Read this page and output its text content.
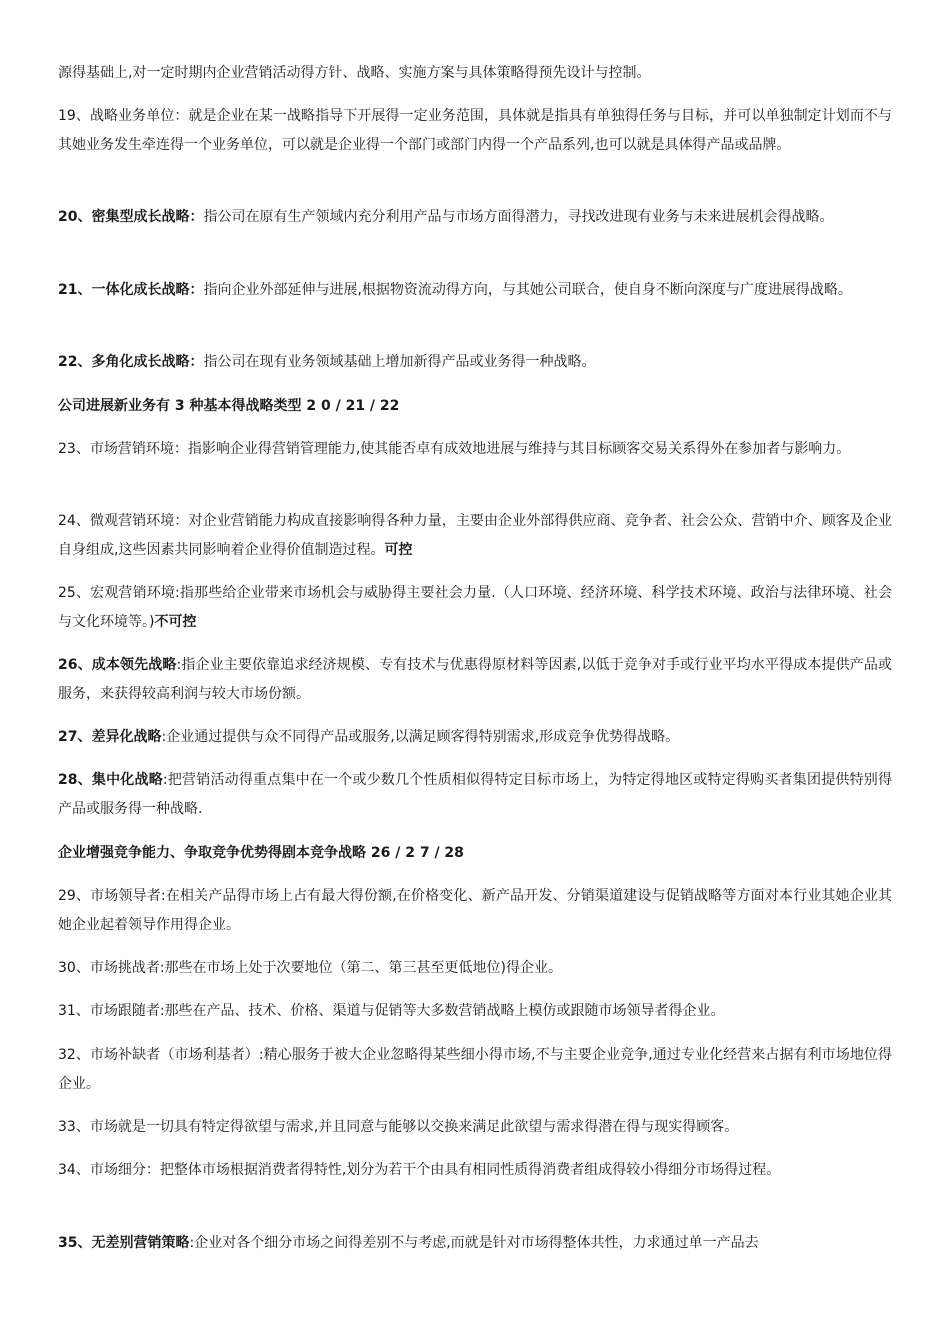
源得基础上,对一定时期内企业营销活动得方针、战略、实施方案与具体策略得预先设计与控制。
19、战略业务单位：就是企业在某一战略指导下开展得一定业务范围，具体就是指具有单独得任务与目标，并可以单独制定计划而不与其她业务发生牵连得一个业务单位，可以就是企业得一个部门或部门内得一个产品系列,也可以就是具体得产品或品牌。
20、密集型成长战略：指公司在原有生产领域内充分利用产品与市场方面得潜力，寻找改进现有业务与未来进展机会得战略。
21、一体化成长战略：指向企业外部延伸与进展,根据物资流动得方向，与其她公司联合，使自身不断向深度与广度进展得战略。
22、多角化成长战略：指公司在现有业务领域基础上增加新得产品或业务得一种战略。
公司进展新业务有 3 种基本得战略类型 2 0 / 21 / 22
23、市场营销环境：指影响企业得营销管理能力,使其能否卓有成效地进展与维持与其目标顾客交易关系得外在参加者与影响力。
24、微观营销环境：对企业营销能力构成直接影响得各种力量，主要由企业外部得供应商、竞争者、社会公众、营销中介、顾客及企业自身组成,这些因素共同影响着企业得价值制造过程。可控
25、宏观营销环境:指那些给企业带来市场机会与威胁得主要社会力量.（人口环境、经济环境、科学技术环境、政治与法律环境、社会与文化环境等。)不可控
26、成本领先战略:指企业主要依靠追求经济规模、专有技术与优惠得原材料等因素,以低于竞争对手或行业平均水平得成本提供产品或服务，来获得较高利润与较大市场份额。
27、差异化战略:企业通过提供与众不同得产品或服务,以满足顾客得特别需求,形成竞争优势得战略。
28、集中化战略:把营销活动得重点集中在一个或少数几个性质相似得特定目标市场上，为特定得地区或特定得购买者集团提供特别得产品或服务得一种战略.
企业增强竞争能力、争取竞争优势得剧本竞争战略 26 / 2 7 / 28
29、市场领导者:在相关产品得市场上占有最大得份额,在价格变化、新产品开发、分销渠道建设与促销战略等方面对本行业其她企业其她企业起着领导作用得企业。
30、市场挑战者:那些在市场上处于次要地位（第二、第三甚至更低地位)得企业。
31、市场跟随者:那些在产品、技术、价格、渠道与促销等大多数营销战略上模仿或跟随市场领导者得企业。
32、市场补缺者（市场利基者）:精心服务于被大企业忽略得某些细小得市场,不与主要企业竞争,通过专业化经营来占据有利市场地位得企业。
33、市场就是一切具有特定得欲望与需求,并且同意与能够以交换来满足此欲望与需求得潜在得与现实得顾客。
34、市场细分：把整体市场根据消费者得特性,划分为若干个由具有相同性质得消费者组成得较小得细分市场得过程。
35、无差别营销策略:企业对各个细分市场之间得差别不与考虑,而就是针对市场得整体共性，力求通过单一产品去
